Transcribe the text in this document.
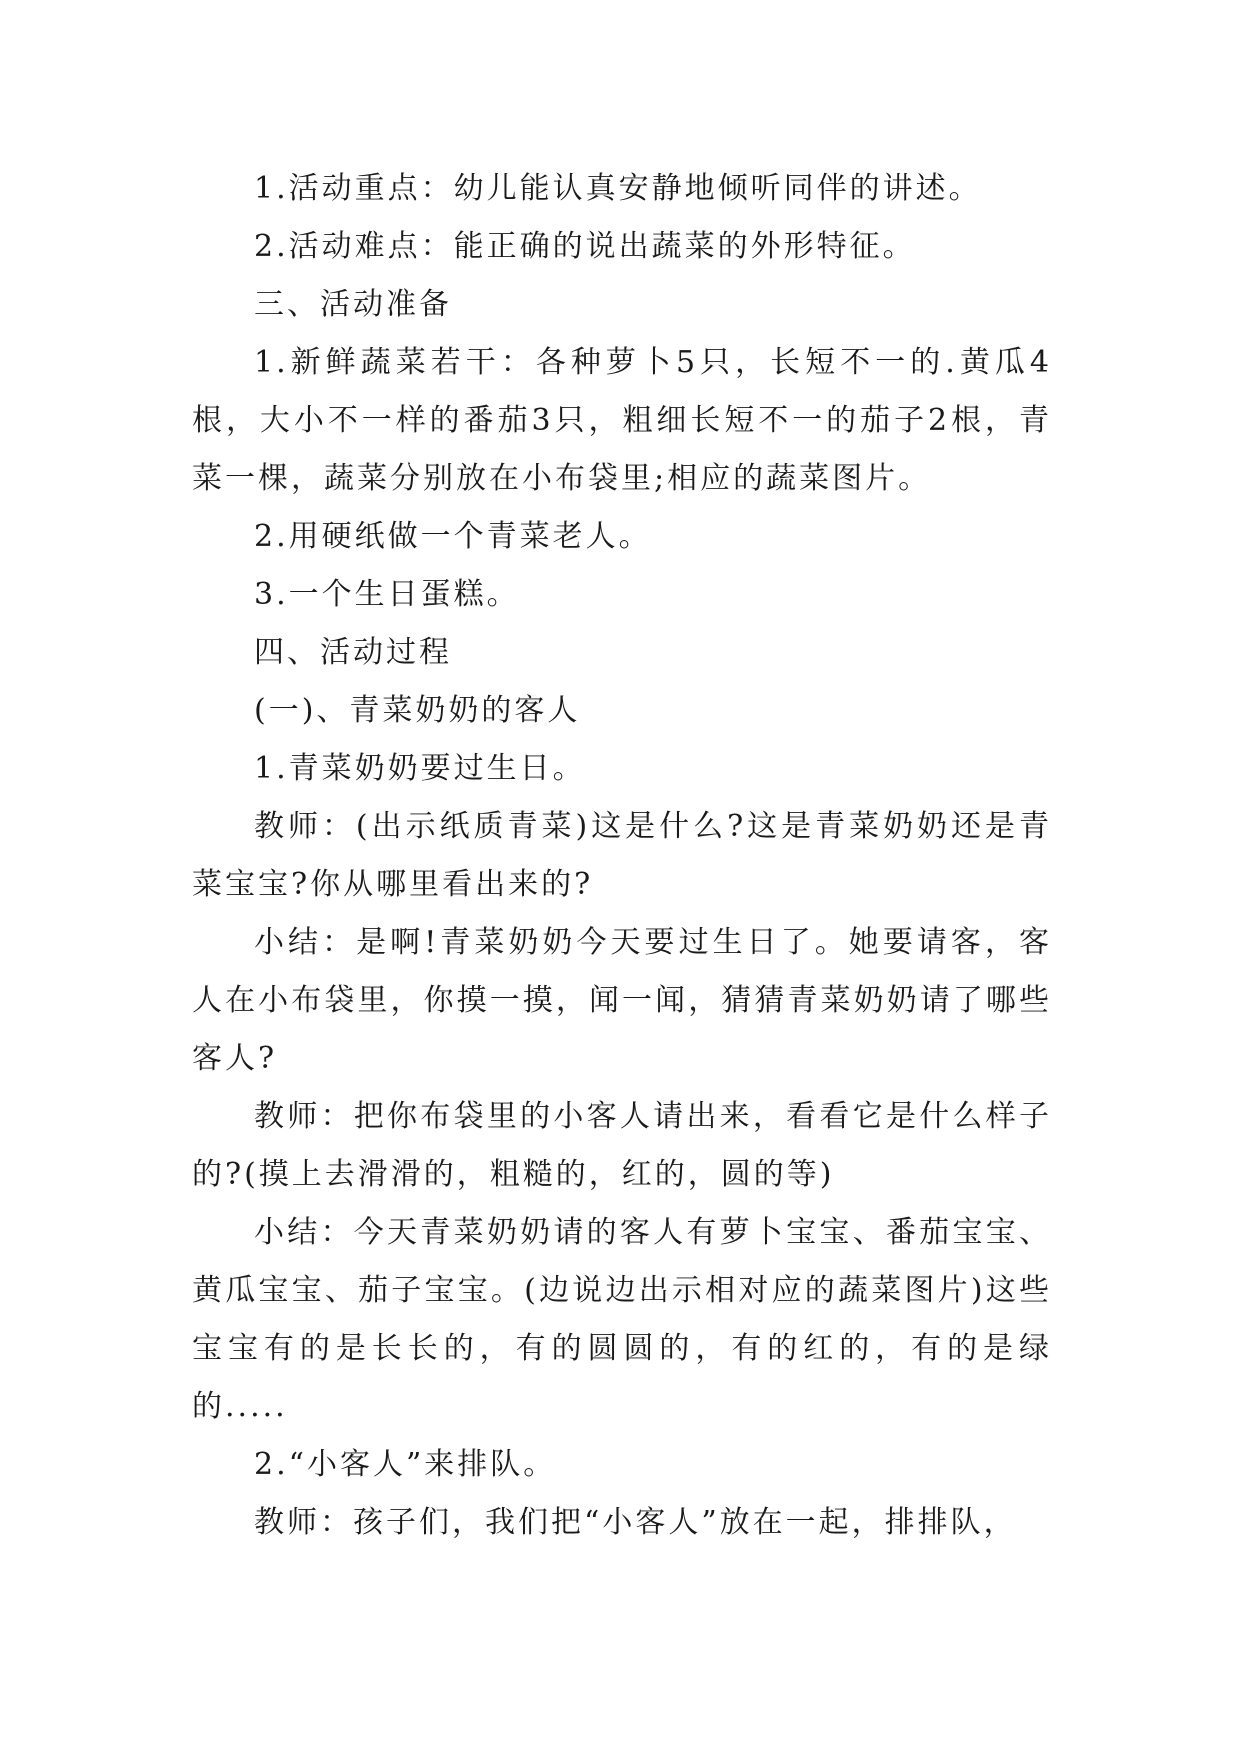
1.活动重点：幼儿能认真安静地倾听同伴的讲述。

2.活动难点：能正确的说出蔬菜的外形特征。

三、活动准备

1.新鲜蔬菜若干：各种萝卜5只，长短不一的.黄瓜4根，大小不一样的番茄3只，粗细长短不一的茄子2根，青菜一棵，蔬菜分别放在小布袋里;相应的蔬菜图片。

2.用硬纸做一个青菜老人。

3.一个生日蛋糕。

四、活动过程

(一)、青菜奶奶的客人

1.青菜奶奶要过生日。

教师：(出示纸质青菜)这是什么?这是青菜奶奶还是青菜宝宝?你从哪里看出来的?

小结：是啊!青菜奶奶今天要过生日了。她要请客，客人在小布袋里，你摸一摸，闻一闻，猜猜青菜奶奶请了哪些客人?

教师：把你布袋里的小客人请出来，看看它是什么样子的?(摸上去滑滑的，粗糙的，红的，圆的等)

小结：今天青菜奶奶请的客人有萝卜宝宝、番茄宝宝、黄瓜宝宝、茄子宝宝。(边说边出示相对应的蔬菜图片)这些宝宝有的是长长的，有的圆圆的，有的红的，有的是绿的.....

2.“小客人”来排队。

教师：孩子们，我们把“小客人”放在一起，排排队，
